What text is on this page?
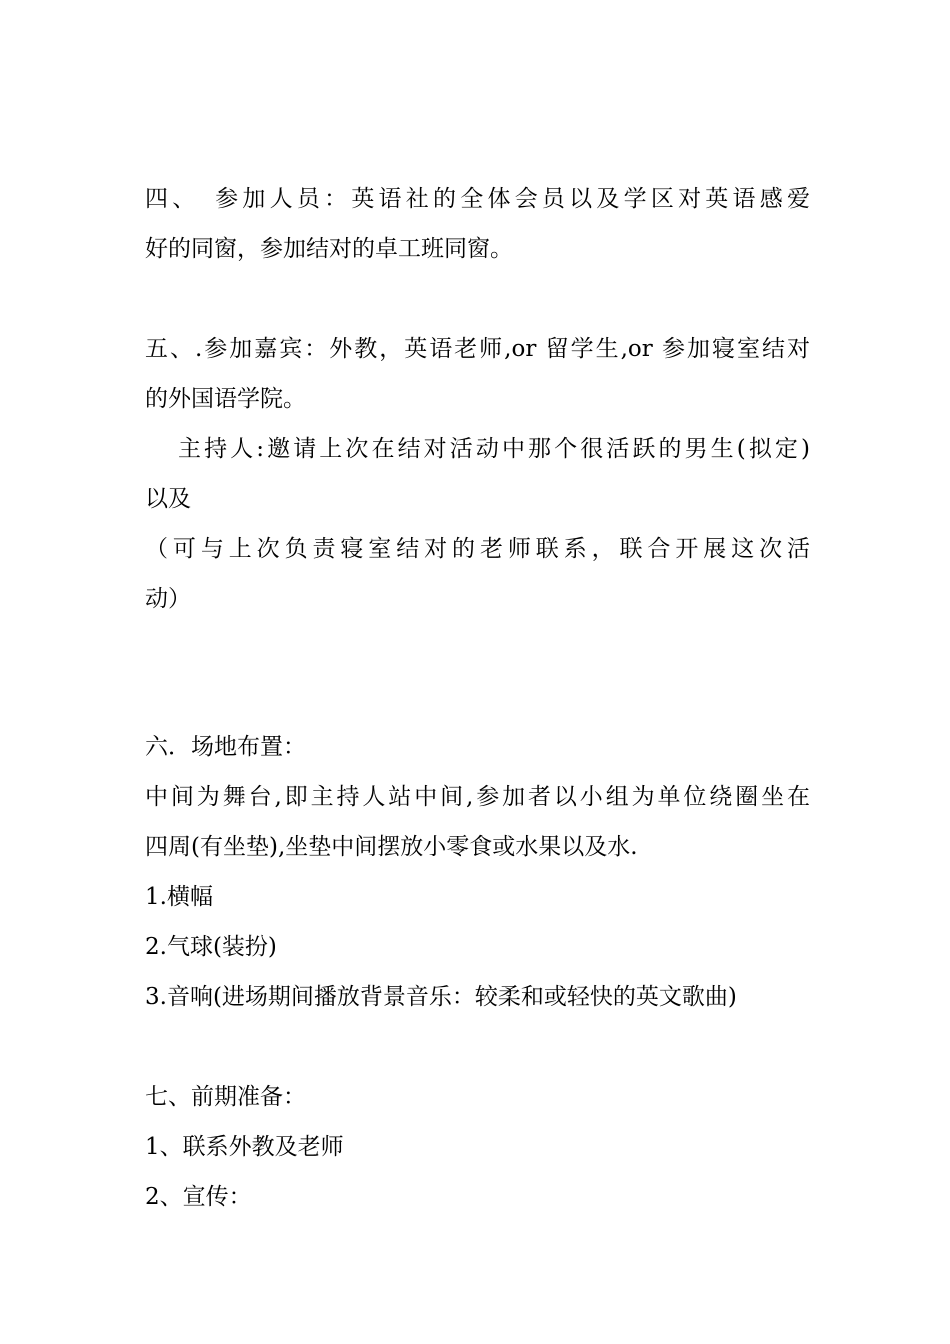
四、　参加人员：英语社的全体会员以及学区对英语感爱
好的同窗，参加结对的卓工班同窗。
五、.参加嘉宾：外教，英语老师,or 留学生,or 参加寝室结对
的外国语学院。
主持人:邀请上次在结对活动中那个很活跃的男生(拟定)
以及
（可与上次负责寝室结对的老师联系，联合开展这次活
动）
六．场地布置：
中间为舞台,即主持人站中间,参加者以小组为单位绕圈坐在
四周(有坐垫),坐垫中间摆放小零食或水果以及水.
1.横幅
2.气球(装扮)
3.音响(进场期间播放背景音乐：较柔和或轻快的英文歌曲)
七、前期准备：
1、联系外教及老师
2、宣传：
